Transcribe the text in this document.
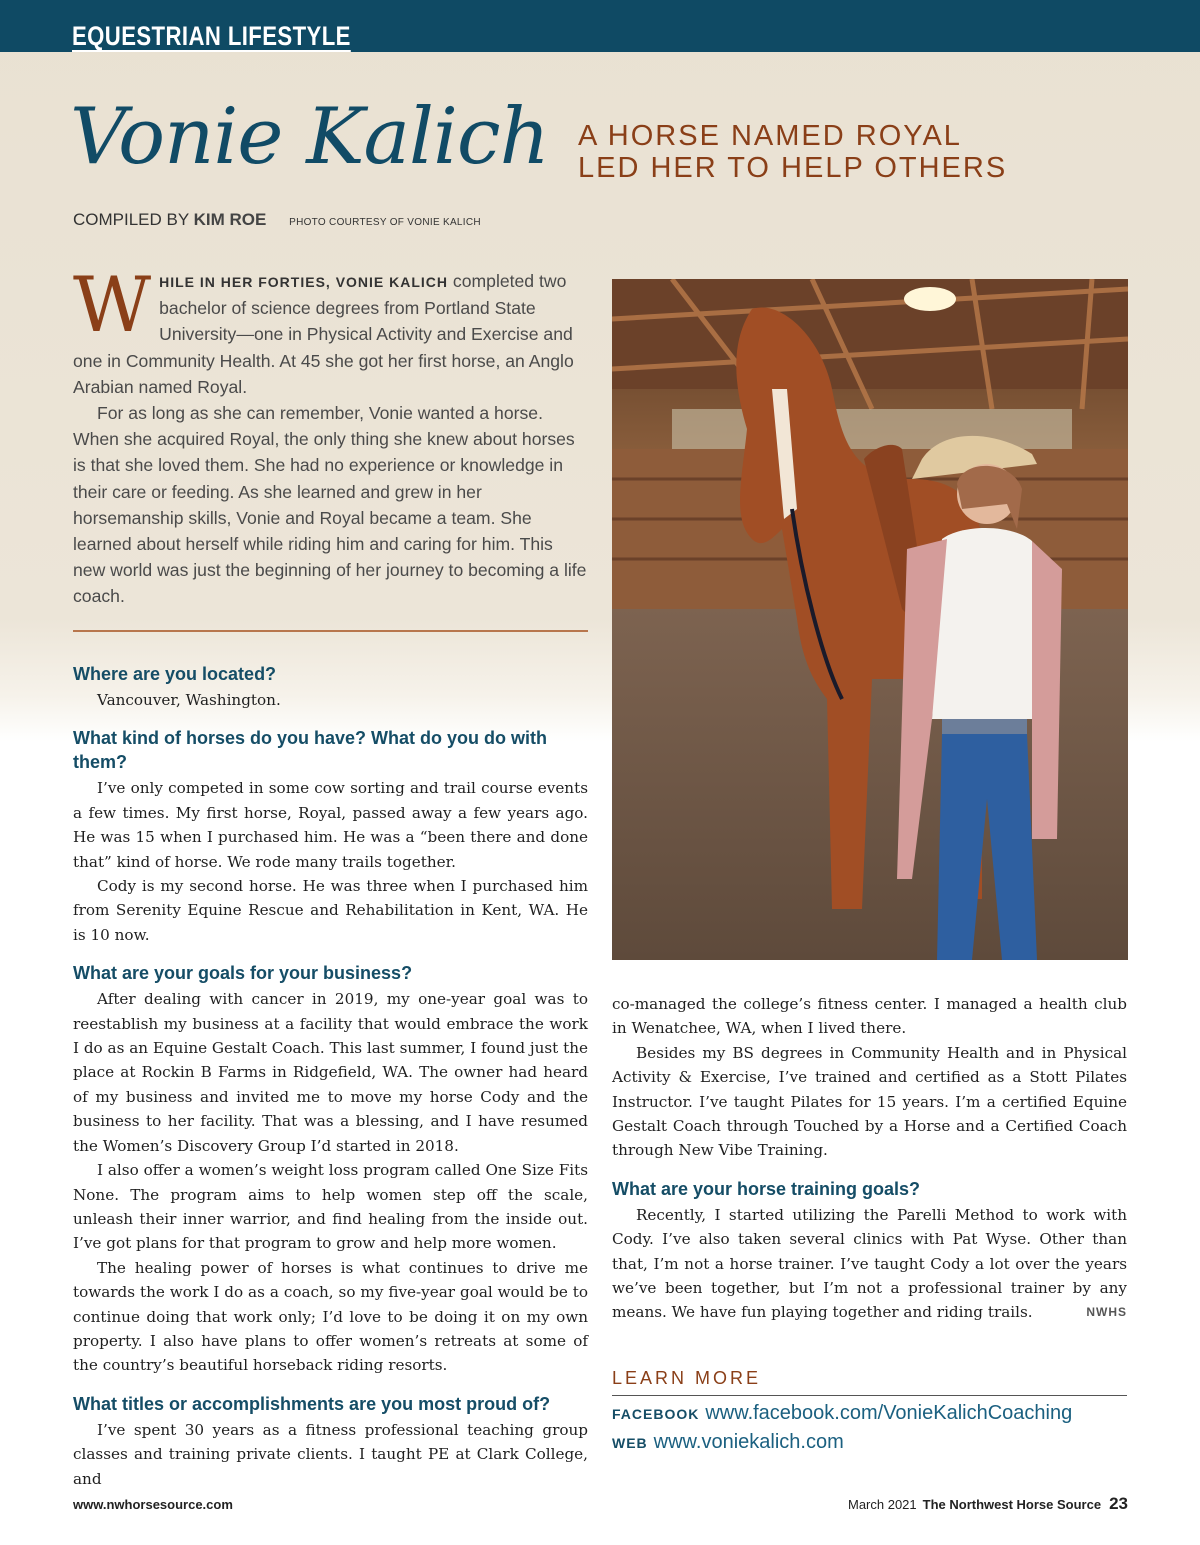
EQUESTRIAN LIFESTYLE
Vonie Kalich A HORSE NAMED ROYAL
LED HER TO HELP OTHERS
COMPILED BY KIM ROE PHOTO COURTESY OF VONIE KALICH

WHILE IN HER FORTIES, VONIE KALICH completed two bachelor of science degrees from Portland State University—one in Physical Activity and Exercise and one in Community Health. At 45 she got her first horse, an Anglo Arabian named Royal.

For as long as she can remember, Vonie wanted a horse. When she acquired Royal, the only thing she knew about horses is that she loved them. She had no experience or knowledge in their care or feeding. As she learned and grew in her horsemanship skills, Vonie and Royal became a team. She learned about herself while riding him and caring for him. This new world was just the beginning of her journey to becoming a life coach.

Where are you located?

Vancouver, Washington.

What kind of horses do you have? What do you do with them?

I’ve only competed in some cow sorting and trail course events a few times. My first horse, Royal, passed away a few years ago. He was 15 when I purchased him. He was a “been there and done that” kind of horse. We rode many trails together.

Cody is my second horse. He was three when I purchased him from Serenity Equine Rescue and Rehabilitation in Kent, WA. He is 10 now.

What are your goals for your business?

After dealing with cancer in 2019, my one-year goal was to reestablish my business at a facility that would embrace the work I do as an Equine Gestalt Coach. This last summer, I found just the place at Rockin B Farms in Ridgefield, WA. The owner had heard of my business and invited me to move my horse Cody and the business to her facility. That was a blessing, and I have resumed the Women’s Discovery Group I’d started in 2018.

I also offer a women’s weight loss program called One Size Fits None. The program aims to help women step off the scale, unleash their inner warrior, and find healing from the inside out. I’ve got plans for that program to grow and help more women.

The healing power of horses is what continues to drive me towards the work I do as a coach, so my five-year goal would be to continue doing that work only; I’d love to be doing it on my own property. I also have plans to offer women’s retreats at some of the country’s beautiful horseback riding resorts.

What titles or accomplishments are you most proud of?

I’ve spent 30 years as a fitness professional teaching group classes and training private clients. I taught PE at Clark College, and

co-managed the college’s fitness center. I managed a health club in Wenatchee, WA, when I lived there.

Besides my BS degrees in Community Health and in Physical Activity & Exercise, I’ve trained and certified as a Stott Pilates Instructor. I’ve taught Pilates for 15 years. I’m a certified Equine Gestalt Coach through Touched by a Horse and a Certified Coach through New Vibe Training.

What are your horse training goals?

Recently, I started utilizing the Parelli Method to work with Cody. I’ve also taken several clinics with Pat Wyse. Other than that, I’m not a horse trainer. I’ve taught Cody a lot over the years we’ve been together, but I’m not a professional trainer by any means. We have fun playing together and riding trails.	NWHS

LEARN MORE
FACEBOOK www.facebook.com/VonieKalichCoaching
WEB www.voniekalich.com
www.nwhorsesource.com	March 2021 The Northwest Horse Source 23
